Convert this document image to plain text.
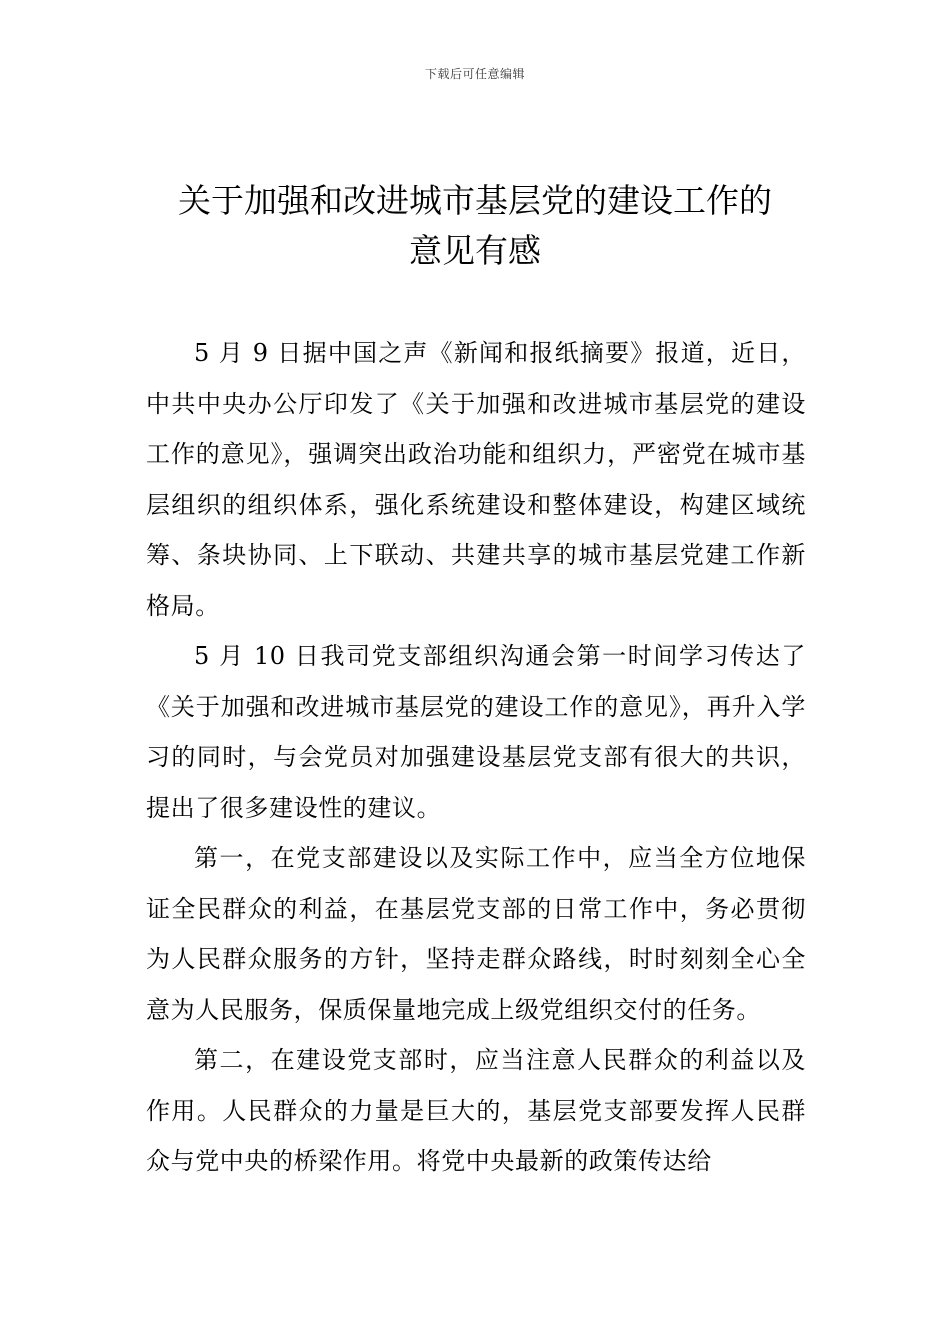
下载后可任意编辑
关于加强和改进城市基层党的建设工作的
意见有感

5 月 9 日据中国之声《新闻和报纸摘要》报道，近日，中共中央办公厅印发了《关于加强和改进城市基层党的建设工作的意见》，强调突出政治功能和组织力，严密党在城市基层组织的组织体系，强化系统建设和整体建设，构建区域统筹、条块协同、上下联动、共建共享的城市基层党建工作新格局。

5 月 10 日我司党支部组织沟通会第一时间学习传达了《关于加强和改进城市基层党的建设工作的意见》，再升入学习的同时，与会党员对加强建设基层党支部有很大的共识，提出了很多建设性的建议。

第一，在党支部建设以及实际工作中，应当全方位地保证全民群众的利益，在基层党支部的日常工作中，务必贯彻为人民群众服务的方针，坚持走群众路线，时时刻刻全心全意为人民服务，保质保量地完成上级党组织交付的任务。

第二，在建设党支部时，应当注意人民群众的利益以及作用。人民群众的力量是巨大的，基层党支部要发挥人民群众与党中央的桥梁作用。将党中央最新的政策传达给
